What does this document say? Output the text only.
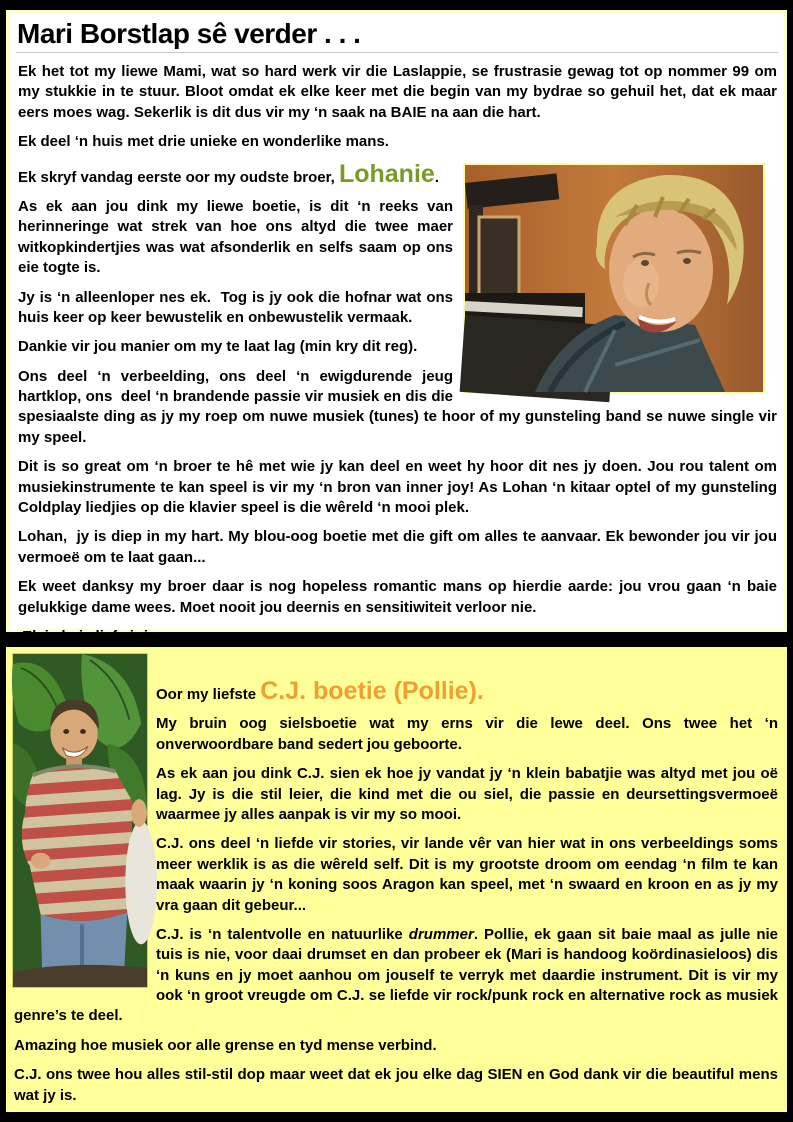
Mari Borstlap sê verder . . .

Ek het tot my liewe Mami, wat so hard werk vir die Laslappie, se frustrasie gewag tot op nommer 99 om my stukkie in te stuur. Bloot omdat ek elke keer met die begin van my bydrae so gehuil het, dat ek maar eers moes wag. Sekerlik is dit dus vir my ‘n saak na BAIE na aan die hart.

Ek deel ‘n huis met drie unieke en wonderlike mans.

Ek skryf vandag eerste oor my oudste broer, Lohanie.

As ek aan jou dink my liewe boetie, is dit ‘n reeks van herinneringe wat strek van hoe ons altyd die twee maer witkopkindertjies was wat afsonderlik en selfs saam op ons eie togte is.

Jy is ‘n alleenloper nes ek.  Tog is jy ook die hofnar wat ons huis keer op keer bewustelik en onbewustelik vermaak.

Dankie vir jou manier om my te laat lag (min kry dit reg).

Ons deel ‘n verbeelding, ons deel ‘n ewigdurende jeug hartklop, ons  deel ‘n brandende passie vir musiek en dis die spesiaalste ding as jy my roep om nuwe musiek (tunes) te hoor of my gunsteling band se nuwe single vir my speel.

Dit is so great om ‘n broer te hê met wie jy kan deel en weet hy hoor dit nes jy doen. Jou rou talent om musiekinstrumente te kan speel is vir my ‘n bron van inner joy! As Lohan ‘n kitaar optel of my gunsteling Coldplay liedjies op die klavier speel is die wêreld ‘n mooi plek.

Lohan,  jy is diep in my hart. My blou-oog boetie met die gift om alles te aanvaar. Ek bewonder jou vir jou vermoeë om te laat gaan...

Ek weet danksy my broer daar is nog hopeless romantic mans op hierdie aarde: jou vrou gaan ‘n baie gelukkige dame wees. Moet nooit jou deernis en sensitiwiteit verloor nie.

Ek is baie lief vir jou.

Oor my liefste C.J. boetie (Pollie).

My bruin oog sielsboetie wat my erns vir die lewe deel. Ons twee het ‘n onverwoordbare band sedert jou geboorte.

As ek aan jou dink C.J. sien ek hoe jy vandat jy ‘n klein babatjie was altyd met jou oë lag. Jy is die stil leier, die kind met die ou siel, die passie en deursettingsvermoeë waarmee jy alles aanpak is vir my so mooi.

C.J. ons deel ‘n liefde vir stories, vir lande vêr van hier wat in ons verbeeldings soms meer werklik is as die wêreld self. Dit is my grootste droom om eendag ‘n film te kan maak waarin jy ‘n koning soos Aragon kan speel, met ‘n swaard en kroon en as jy my vra gaan dit gebeur...

C.J. is ‘n talentvolle en natuurlike drummer. Pollie, ek gaan sit baie maal as julle nie tuis is nie, voor daai drumset en dan probeer ek (Mari is handoog koördinasieloos) dis ‘n kuns en jy moet aanhou om jouself te verryk met daardie instrument. Dit is vir my ook ‘n groot vreugde om C.J. se liefde vir rock/punk rock en alternative rock as musiek genre’s te deel.

Amazing hoe musiek oor alle grense en tyd mense verbind.

C.J. ons twee hou alles stil-stil dop maar weet dat ek jou elke dag SIEN en God dank vir die beautiful mens wat jy is.
